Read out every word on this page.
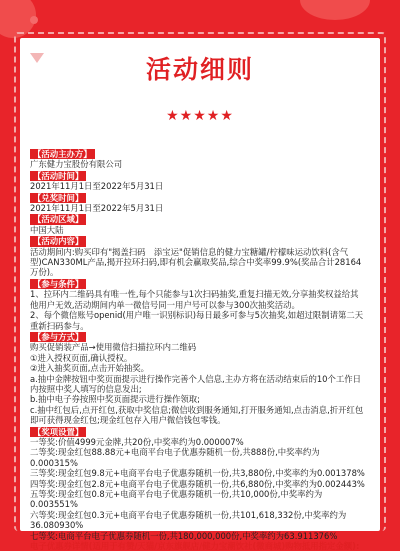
活动细则
★★★★★
【活动主办方】
广东健力宝股份有限公司
【活动时间】
2021年11月1日至2022年5月31日
【兑奖时间】
2021年11月1日至2022年5月31日
【活动区域】
中国大陆
【活动内容】
活动期间内:购买印有"揭盖扫码　添宝运"促销信息的健力宝糖罐/柠檬味运动饮料(含气型)CAN330ML产品,揭开拉环扫码,即有机会赢取奖品,综合中奖率99.9%(奖品合计28164万份)。
【参与条件】
1、拉环内二维码具有唯一性,每个只能参与1次扫码抽奖,重复扫描无效,分享抽奖权益给其他用户无效,活动期间内单一微信号同一用户号可以参与300次抽奖活动。
2、每个微信账号openid(用户唯一识别标识)每日最多可参与5次抽奖,如超过限制请第二天重新扫码参与。
【参与方式】
购买促销装产品→使用微信扫描拉环内二维码
①进入授权页面,确认授权。
②进入抽奖页面,点击开始抽奖。
a.抽中金牌按钮中奖页面提示进行操作完善个人信息,主办方将在活动结束后的10个工作日内按照中奖人填写的信息发出;
b.抽中电子券按照中奖页面提示进行操作领取;
c.抽中红包后,点开红包,获取中奖信息;微信收到服务通知,打开服务通知,点击消息,折开红包即可获得现金红包;现金红包存入用户微信钱包零钱。
【奖项设置】
一等奖:价值4999元金牌,共20份,中奖率约为0.000007%
二等奖:现金红包88.88元+电商平台电子优惠券随机一份,共888份,中奖率约为0.000315%
三等奖:现金红包9.8元+电商平台电子优惠券随机一份,共3,880份,中奖率约为0.001378%
四等奖:现金红包2.8元+电商平台电子优惠券随机一份,共6,880份,中奖率约为0.002443%
五等奖:现金红包0.8元+电商平台电子优惠券随机一份,共10,000份,中奖率约为0.003551%
六等奖:现金红包0.3元+电商平台电子优惠券随机一份,共101,618,332份,中奖率约为36.080930%
七等奖:电商平台电子优惠券随机一份,共180,000,000份,中奖率约为63.911376%
电子优惠券详情(适用于有赞/天猫/京东旗舰店/健力宝潮饮社(微商城)购物抵用指定金额):
